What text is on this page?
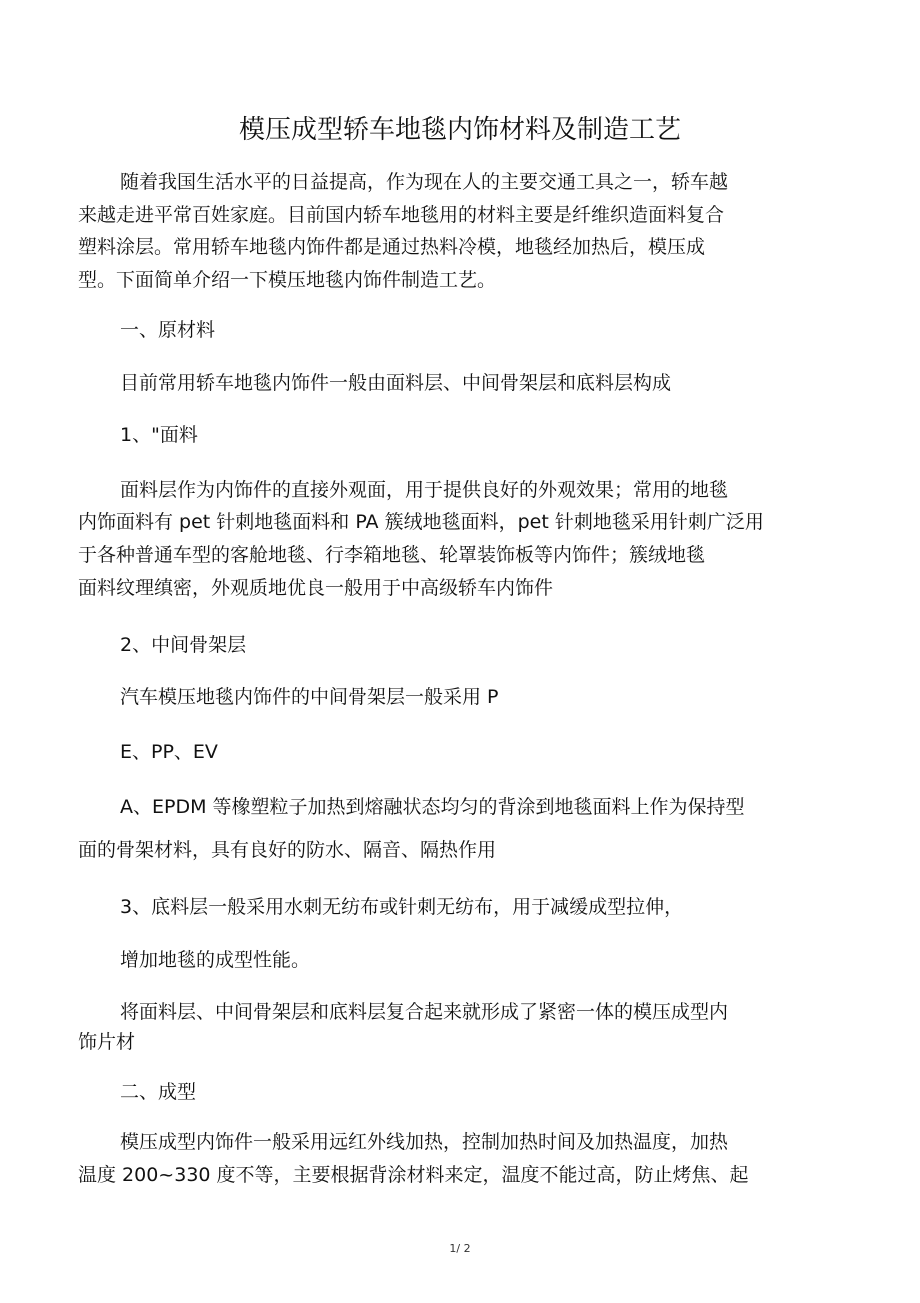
模压成型轿车地毯内饰材料及制造工艺
随着我国生活水平的日益提高，作为现在人的主要交通工具之一，轿车越
来越走进平常百姓家庭。目前国内轿车地毯用的材料主要是纤维织造面料复合
塑料涂层。常用轿车地毯内饰件都是通过热料冷模，地毯经加热后，模压成
型。下面简单介绍一下模压地毯内饰件制造工艺。
一、原材料
目前常用轿车地毯内饰件一般由面料层、中间骨架层和底料层构成
1、"面料
面料层作为内饰件的直接外观面，用于提供良好的外观效果；常用的地毯
内饰面料有 pet 针刺地毯面料和 PA 簇绒地毯面料，pet 针刺地毯采用针刺广泛用
于各种普通车型的客舱地毯、行李箱地毯、轮罩装饰板等内饰件；簇绒地毯
面料纹理缜密，外观质地优良一般用于中高级轿车内饰件
2、中间骨架层
汽车模压地毯内饰件的中间骨架层一般采用 P
E、PP、EV
A、EPDM 等橡塑粒子加热到熔融状态均匀的背涂到地毯面料上作为保持型
面的骨架材料，具有良好的防水、隔音、隔热作用
3、底料层一般采用水刺无纺布或针刺无纺布，用于减缓成型拉伸，
增加地毯的成型性能。
将面料层、中间骨架层和底料层复合起来就形成了紧密一体的模压成型内
饰片材
二、成型
模压成型内饰件一般采用远红外线加热，控制加热时间及加热温度，加热
温度 200~330 度不等，主要根据背涂材料来定，温度不能过高，防止烤焦、起
1/ 2
